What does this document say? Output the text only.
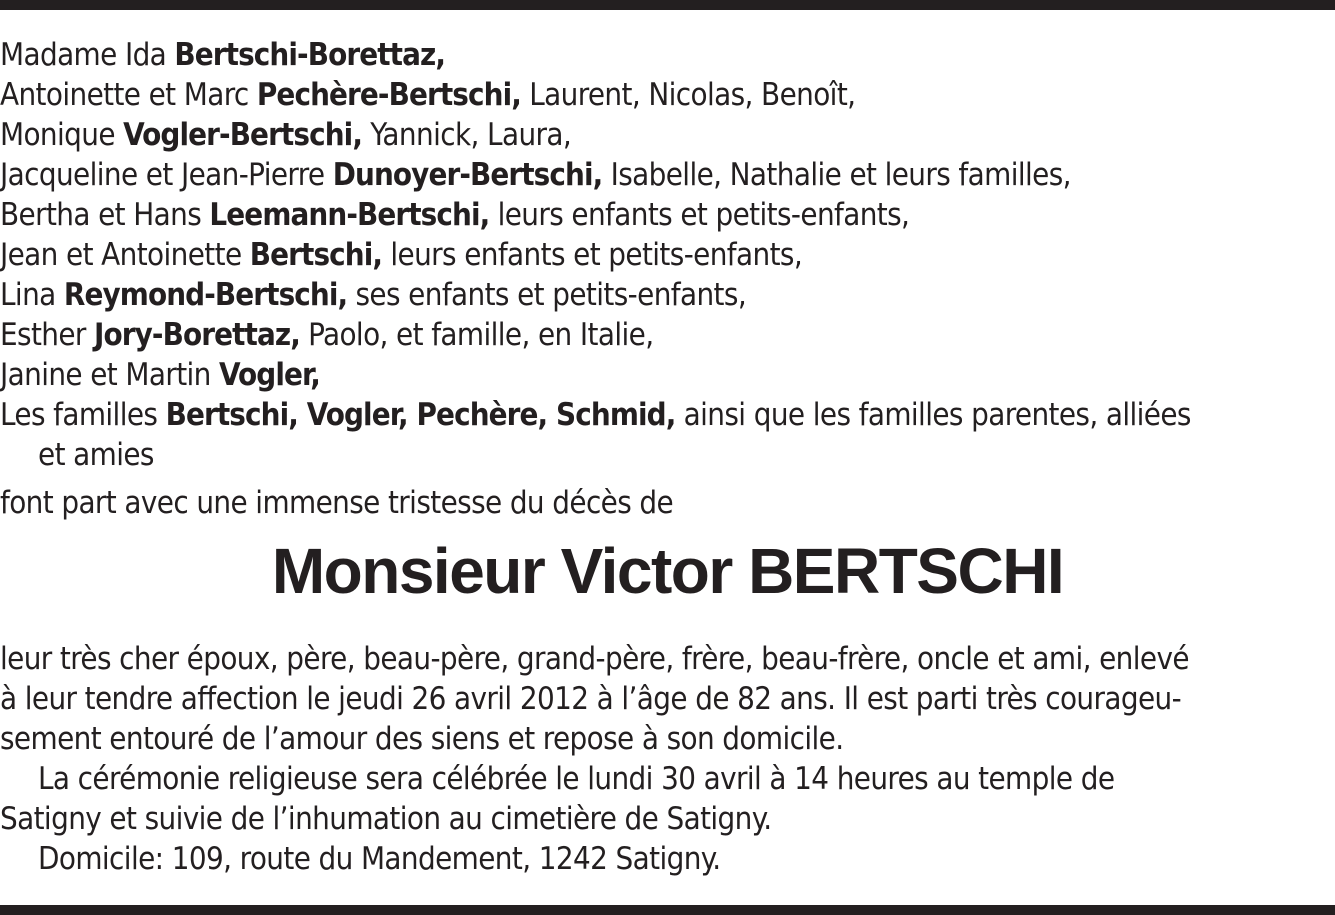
Madame Ida Bertschi-Borettaz,
Antoinette et Marc Pechère-Bertschi, Laurent, Nicolas, Benoît,
Monique Vogler-Bertschi, Yannick, Laura,
Jacqueline et Jean-Pierre Dunoyer-Bertschi, Isabelle, Nathalie et leurs familles,
Bertha et Hans Leemann-Bertschi, leurs enfants et petits-enfants,
Jean et Antoinette Bertschi, leurs enfants et petits-enfants,
Lina Reymond-Bertschi, ses enfants et petits-enfants,
Esther Jory-Borettaz, Paolo, et famille, en Italie,
Janine et Martin Vogler,
Les familles Bertschi, Vogler, Pechère, Schmid, ainsi que les familles parentes, alliées
et amies
font part avec une immense tristesse du décès de
Monsieur Victor BERTSCHI
leur très cher époux, père, beau-père, grand-père, frère, beau-frère, oncle et ami, enlevé
à leur tendre affection le jeudi 26 avril 2012 à l’âge de 82 ans. Il est parti très courageu-
sement entouré de l’amour des siens et repose à son domicile.
La cérémonie religieuse sera célébrée le lundi 30 avril à 14 heures au temple de
Satigny et suivie de l’inhumation au cimetière de Satigny.
Domicile: 109, route du Mandement, 1242 Satigny.
